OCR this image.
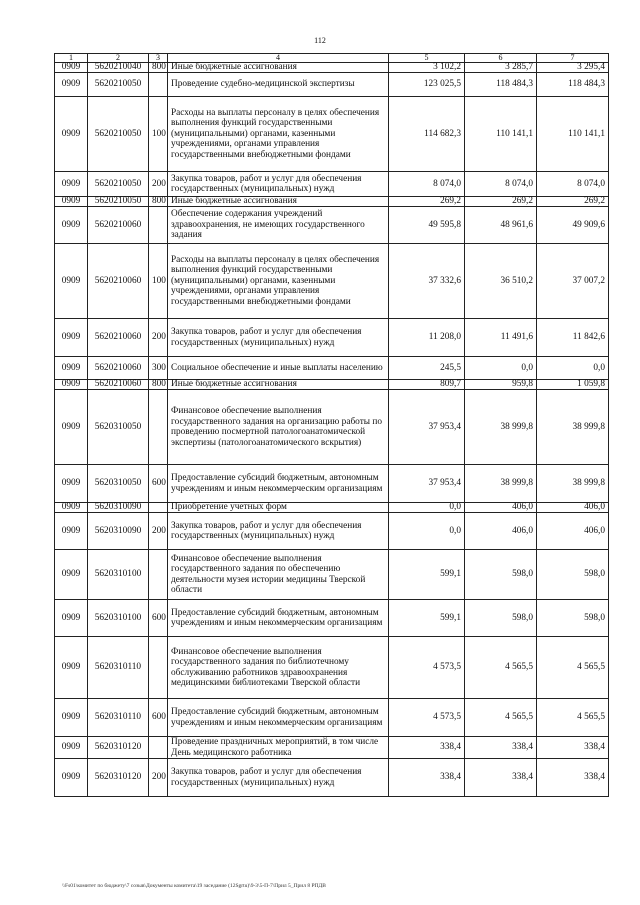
112
1	2	3	4	5	6	7
0909	5620210040	800	Иные бюджетные ассигнования	3 102,2	3 285,7	3 295,4
0909	5620210050		Проведение судебно-медицинской экспертизы	123 025,5	118 484,3	118 484,3
0909	5620210050	100	Расходы на выплаты персоналу в целях обеспечения выполнения функций государственными (муниципальными) органами, казенными учреждениями, органами управления государственными внебюджетными фондами	114 682,3	110 141,1	110 141,1
0909	5620210050	200	Закупка товаров, работ и услуг для обеспечения государственных (муниципальных) нужд	8 074,0	8 074,0	8 074,0
0909	5620210050	800	Иные бюджетные ассигнования	269,2	269,2	269,2
0909	5620210060		Обеспечение содержания учреждений здравоохранения, не имеющих государственного задания	49 595,8	48 961,6	49 909,6
0909	5620210060	100	Расходы на выплаты персоналу в целях обеспечения выполнения функций государственными (муниципальными) органами, казенными учреждениями, органами управления государственными внебюджетными фондами	37 332,6	36 510,2	37 007,2
0909	5620210060	200	Закупка товаров, работ и услуг для обеспечения государственных (муниципальных) нужд	11 208,0	11 491,6	11 842,6
0909	5620210060	300	Социальное обеспечение и иные выплаты населению	245,5	0,0	0,0
0909	5620210060	800	Иные бюджетные ассигнования	809,7	959,8	1 059,8
0909	5620310050		Финансовое обеспечение выполнения государственного задания на организацию работы по проведению посмертной патологоанатомической экспертизы (патологоанатомического вскрытия)	37 953,4	38 999,8	38 999,8
0909	5620310050	600	Предоставление субсидий бюджетным, автономным учреждениям и иным некоммерческим организациям	37 953,4	38 999,8	38 999,8
0909	5620310090		Приобретение учетных форм	0,0	406,0	406,0
0909	5620310090	200	Закупка товаров, работ и услуг для обеспечения государственных (муниципальных) нужд	0,0	406,0	406,0
0909	5620310100		Финансовое обеспечение выполнения государственного задания по обеспечению деятельности музея истории медицины Тверской области	599,1	598,0	598,0
0909	5620310100	600	Предоставление субсидий бюджетным, автономным учреждениям и иным некоммерческим организациям	599,1	598,0	598,0
0909	5620310110		Финансовое обеспечение выполнения государственного задания по библиотечному обслуживанию работников здравоохранения медицинскими библиотеками Тверской области	4 573,5	4 565,5	4 565,5
0909	5620310110	600	Предоставление субсидий бюджетным, автономным учреждениям и иным некоммерческим организациям	4 573,5	4 565,5	4 565,5
0909	5620310120		Проведение праздничных мероприятий, в том числе День медицинского работника	338,4	338,4	338,4
0909	5620310120	200	Закупка товаров, работ и услуг для обеспечения государственных (муниципальных) нужд	338,4	338,4	338,4
\\Fs01\комитет по бюджету\7 созыв\Документы комитета\19 заседание (12Sgrtu)\9-3\5-П-7\Прил 5_Прил 8 РПДВ
